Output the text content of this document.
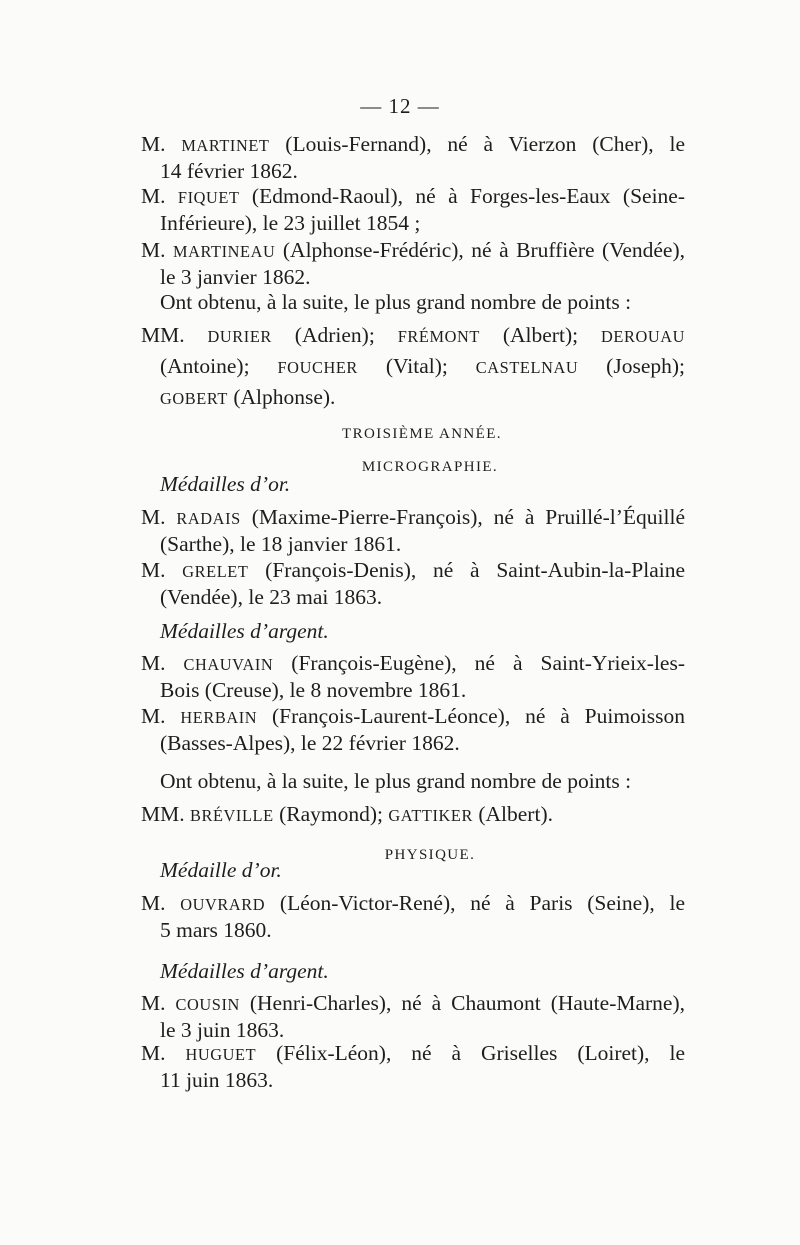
— 12 —
M. MARTINET (Louis-Fernand), né à Vierzon (Cher), le
14 février 1862.
M. FIQUET (Edmond-Raoul), né à Forges-les-Eaux (Seine-
Inférieure), le 23 juillet 1854 ;
M. MARTINEAU (Alphonse-Frédéric), né à Bruffière (Vendée),
le 3 janvier 1862.
M. RADAIS (Maxime-Pierre-François), né à Pruillé-l’Équillé
(Sarthe), le 18 janvier 1861.
M. GRELET (François-Denis), né à Saint-Aubin-la-Plaine
(Vendée), le 23 mai 1863.
M. CHAUVAIN (François-Eugène), né à Saint-Yrieix-les-
Bois (Creuse), le 8 novembre 1861.
M. HERBAIN (François-Laurent-Léonce), né à Puimoisson
(Basses-Alpes), le 22 février 1862.
M. OUVRARD (Léon-Victor-René), né à Paris (Seine), le
5 mars 1860.
M. COUSIN (Henri-Charles), né à Chaumont (Haute-Marne),
le 3 juin 1863.
M. HUGUET (Félix-Léon), né à Griselles (Loiret), le
11 juin 1863.
Ont obtenu, à la suite, le plus grand nombre de points :
MM. DURIER (Adrien); FRÉMONT (Albert); DEROUAU
(Antoine); FOUCHER (Vital); CASTELNAU (Joseph);
GOBERT (Alphonse).
TROISIÈME ANNÉE.
MICROGRAPHIE.
Médailles d’or.
Médailles d’argent.
Ont obtenu, à la suite, le plus grand nombre de points :
MM. BRÉVILLE (Raymond); GATTIKER (Albert).
PHYSIQUE.
Médaille d’or.
Médailles d’argent.
